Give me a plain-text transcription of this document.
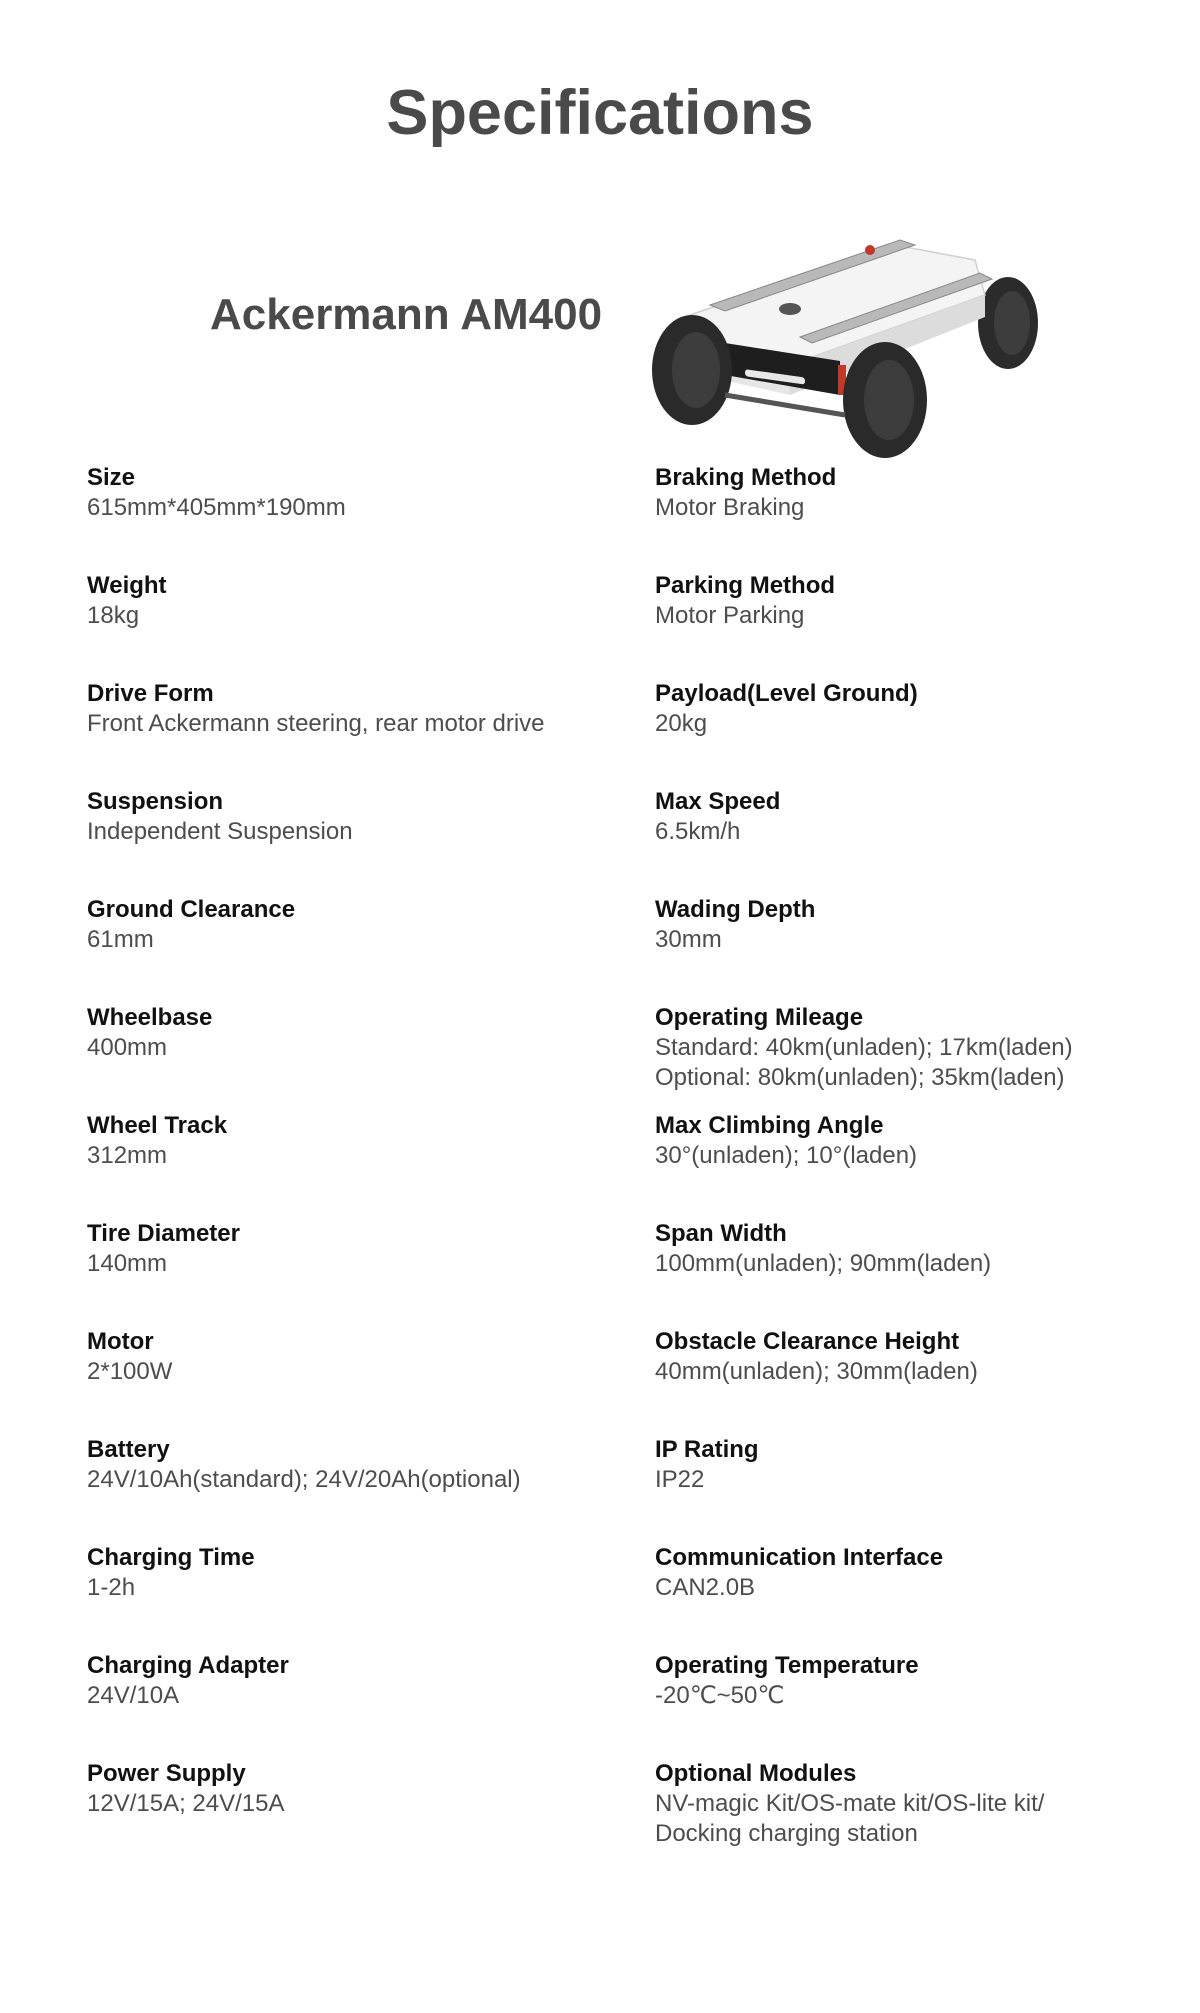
Specifications
Ackermann AM400
Size
615mm*405mm*190mm
Braking Method
Motor Braking
Weight
18kg
Parking Method
Motor Parking
Drive Form
Front Ackermann steering, rear motor drive
Payload(Level Ground)
20kg
Suspension
Independent Suspension
Max Speed
6.5km/h
Ground Clearance
61mm
Wading Depth
30mm
Wheelbase
400mm
Operating Mileage
Standard: 40km(unladen); 17km(laden)
Optional: 80km(unladen); 35km(laden)
Wheel Track
312mm
Max Climbing Angle
30°(unladen); 10°(laden)
Tire Diameter
140mm
Span Width
100mm(unladen); 90mm(laden)
Motor
2*100W
Obstacle Clearance Height
40mm(unladen); 30mm(laden)
Battery
24V/10Ah(standard); 24V/20Ah(optional)
IP Rating
IP22
Charging Time
1-2h
Communication Interface
CAN2.0B
Charging Adapter
24V/10A
Operating Temperature
-20℃~50℃
Power Supply
12V/15A; 24V/15A
Optional Modules
NV-magic Kit/OS-mate kit/OS-lite kit/
Docking charging station
